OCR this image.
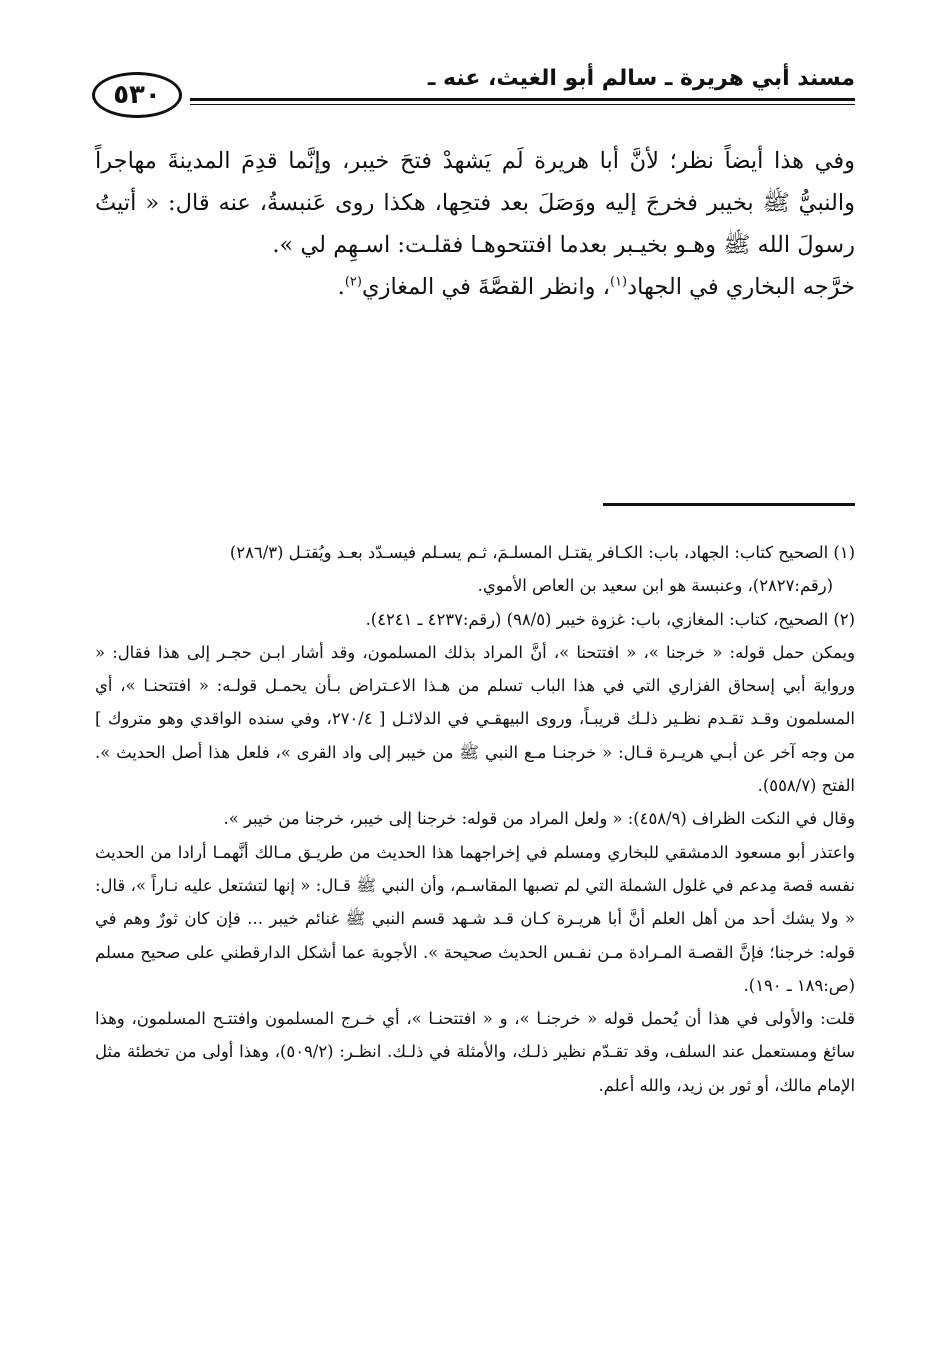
٥٣٠
مسند أبي هريرة ـ سالم أبو الغيث، عنه ـ

وفي هذا أيضاً نظر؛ لأنَّ أبا هريرة لَم يَشهدْ فتحَ خيبر، وإنَّما قدِمَ المدينةَ مهاجراً والنبيُّ ﷺ بخيبر فخرجَ إليه ووَصَلَ بعد فتحِها، هكذا روى عَنبسةُ، عنه قال: « أتيتُ رسولَ الله ﷺ وهـو بخيـبر بعدما افتتحوهـا فقلـت: اسـهِم لي ».

خرَّجه البخاري في الجهاد$^{(١)}$، وانظر القصَّةَ في المغازي$^{(٢)}$.

(١) الصحيح كتاب: الجهاد، باب: الكـافر يقتـل المسلـمَ، ثـم يسـلم فيسـدّد بعـد ويُقتـل (٢٨٦/٣)

(رقم:٢٨٢٧)، وعنبسة هو ابن سعيد بن العاص الأموي.

(٢) الصحيح، كتاب: المغازي، باب: غزوة خيبر (٩٨/٥) (رقم:٤٢٣٧ ـ ٤٢٤١).

ويمكن حمل قوله: « خرجنا »، « افتتحنا »، أنَّ المراد بذلك المسلمون، وقد أشار ابـن حجـر إلى هذا فقال: « ورواية أبي إسحاق الفزاري التي في هذا الباب تسلم من هـذا الاعـتراض بـأن يحمـل قولـه: « افتتحنـا »، أي المسلمون وقـد تقـدم نظـير ذلـك قريبـاً، وروى البيهقـي في الدلائـل [ ٢٧٠/٤، وفي سنده الواقدي وهو متروك ] من وجه آخر عن أبـي هريـرة قـال: « خرجنـا مـع النبي ﷺ من خيبر إلى واد القرى »، فلعل هذا أصل الحديث ». الفتح (٥٥٨/٧).

وقال في النكت الظراف (٤٥٨/٩): « ولعل المراد من قوله: خرجنا إلى خيبر، خرجنا من خيبر ».

واعتذر أبو مسعود الدمشقي للبخاري ومسلم في إخراجهما هذا الحديث من طريـق مـالك أنَّهمـا أرادا من الحديث نفسه قصة مِدعم في غلول الشملة التي لم تصبها المقاسـم، وأن النبي ﷺ قـال: « إنها لتشتعل عليه نـاراً »، قال: « ولا يشك أحد من أهل العلم أنَّ أبا هريـرة كـان قـد شـهد قسم النبي ﷺ غنائم خيبر ... فإن كان ثورٌ وهم في قوله: خرجنا؛ فإنَّ القصـة المـرادة مـن نفـس الحديث صحيحة ». الأجوبة عما أشكل الدارقطني على صحيح مسلم (ص:١٨٩ ـ ١٩٠).

قلت: والأولى في هذا أن يُحمل قوله « خرجنـا »، و « افتتحنـا »، أي خـرج المسلمون وافتتـح المسلمون، وهذا سائغ ومستعمل عند السلف، وقد تقـدّم نظير ذلـك، والأمثلة في ذلـك. انظـر: (٥٠٩/٢)، وهذا أولى من تخطئة مثل الإمام مالك، أو ثور بن زيد، والله أعلم.
